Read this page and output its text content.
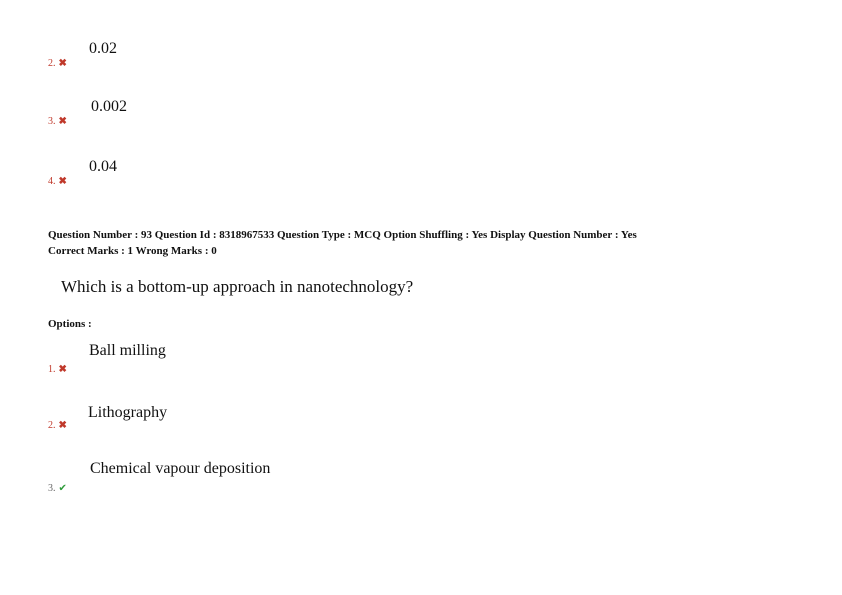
0.02
2. ✖
0.002
3. ✖
0.04
4. ✖
Question Number : 93 Question Id : 8318967533 Question Type : MCQ Option Shuffling : Yes Display Question Number : Yes
Correct Marks : 1 Wrong Marks : 0
Which is a bottom-up approach in nanotechnology?
Options :
Ball milling
1. ✖
Lithography
2. ✖
Chemical vapour deposition
3. ✔
